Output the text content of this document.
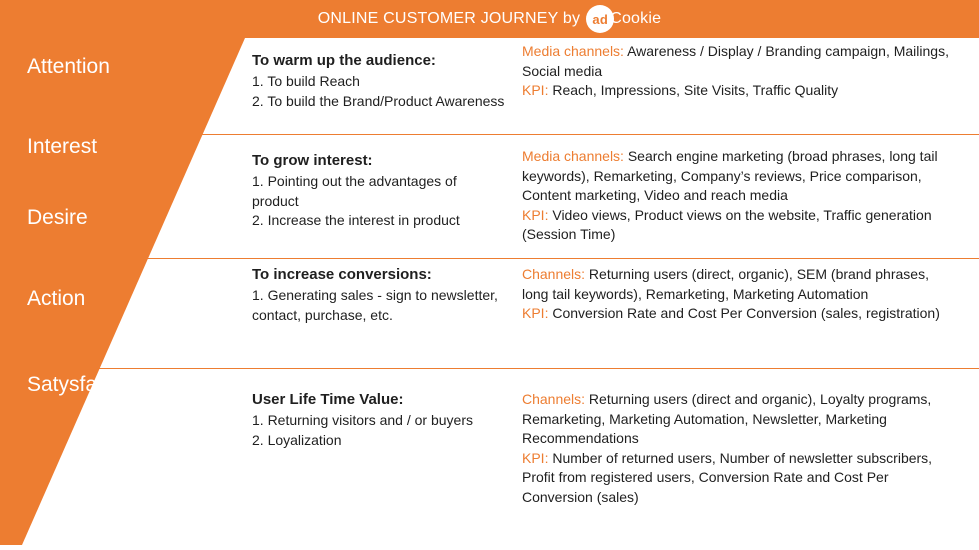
ONLINE CUSTOMER JOURNEY by ad Cookie
Attention
Interest
Desire
Action
Satysfaction
To warm up the audience:
1. To build Reach
2. To build the Brand/Product Awareness
Media channels: Awareness / Display / Branding campaign, Mailings, Social media
KPI: Reach, Impressions, Site Visits, Traffic Quality
To grow interest:
1. Pointing out the advantages of product
2. Increase the interest in product
Media channels: Search engine marketing (broad phrases, long tail keywords), Remarketing, Company’s reviews, Price comparison, Content marketing, Video and reach media
KPI: Video views, Product views on the website, Traffic generation (Session Time)
To increase conversions:
1. Generating sales - sign to newsletter, contact, purchase, etc.
Channels: Returning users (direct, organic), SEM (brand phrases, long tail keywords), Remarketing, Marketing Automation
KPI: Conversion Rate and Cost Per Conversion (sales, registration)
User Life Time Value:
1. Returning visitors and / or buyers
2. Loyalization
Channels: Returning users (direct and organic), Loyalty programs, Remarketing, Marketing Automation, Newsletter, Marketing Recommendations
KPI: Number of returned users, Number of newsletter subscribers, Profit from registered users, Conversion Rate and Cost Per Conversion (sales)
